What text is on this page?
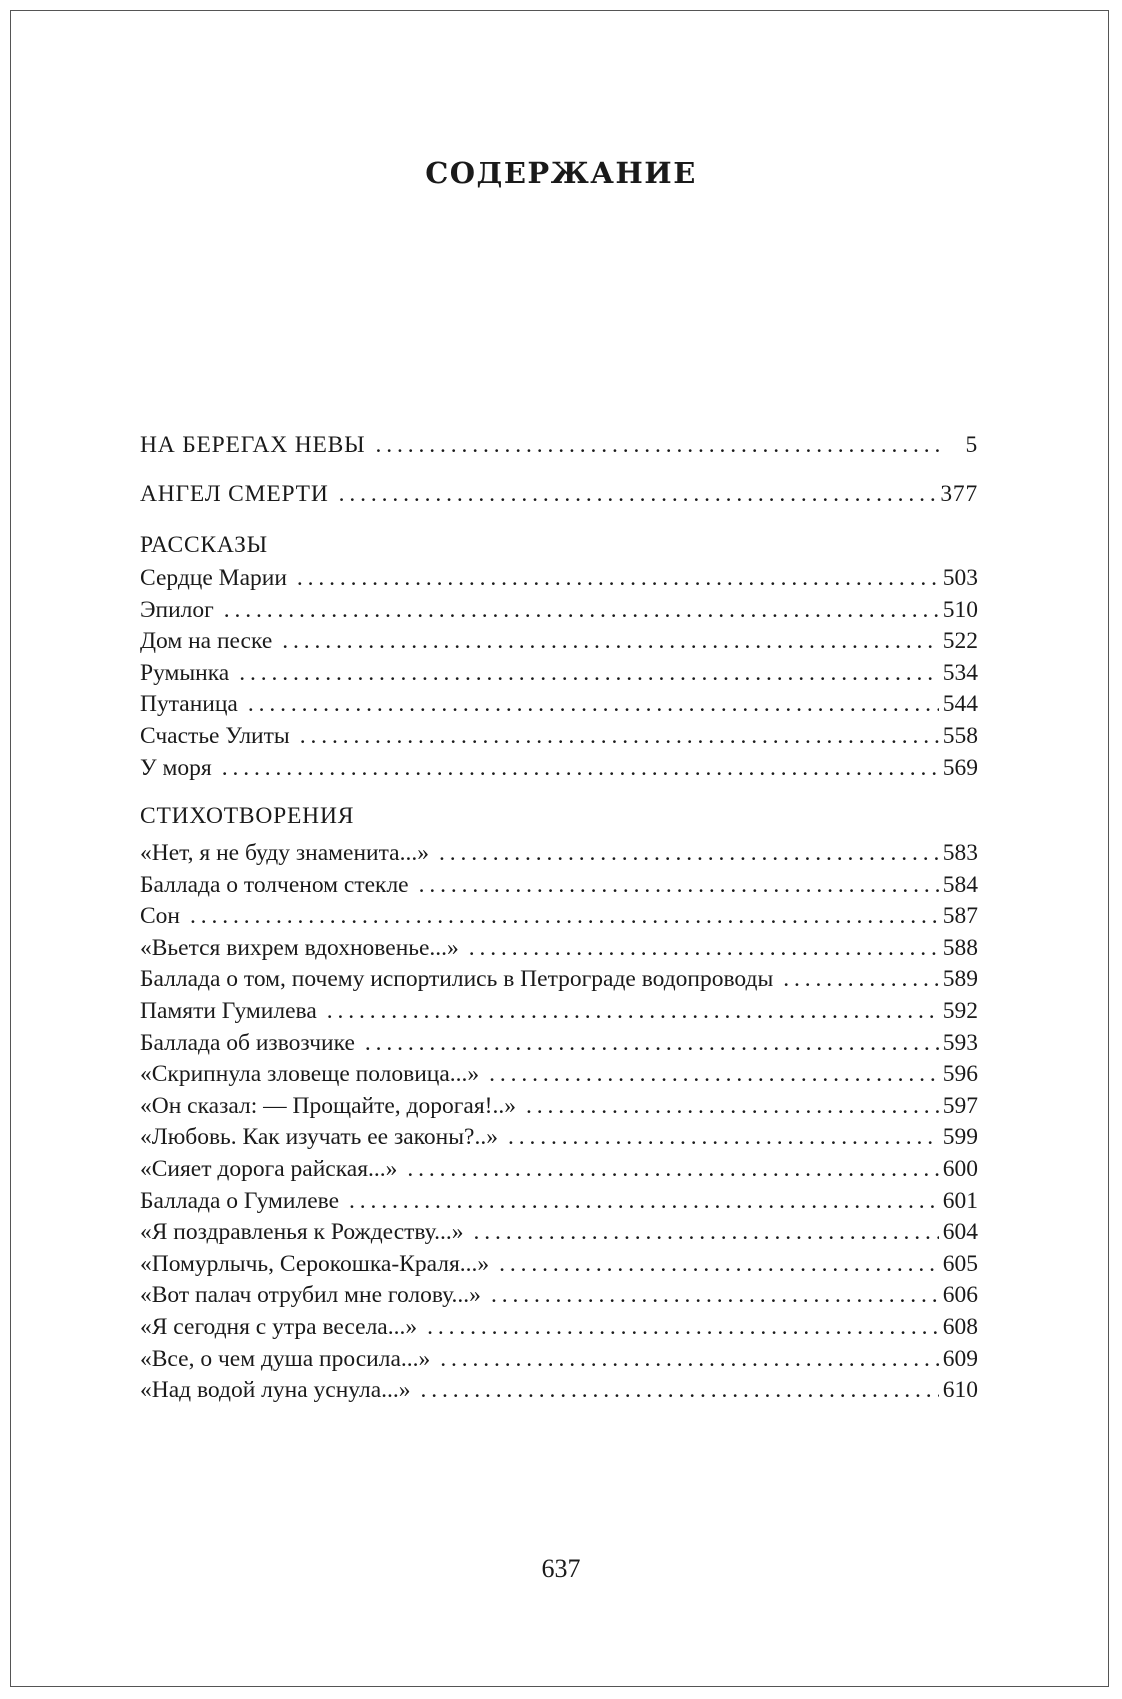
СОДЕРЖАНИЕ
НА БЕРЕГАХ НЕВЫ . . .	5
АНГЕЛ СМЕРТИ . . .	377
РАССКАЗЫ
Сердце Марии . . .	503
Эпилог . . .	510
Дом на песке . . .	522
Румынка . . .	534
Путаница . . .	544
Счастье Улиты . . .	558
У моря . . .	569
СТИХОТВОРЕНИЯ
«Нет, я не буду знаменита...» . . .	583
Баллада о толченом стекле . . .	584
Сон . . .	587
«Вьется вихрем вдохновенье...» . . .	588
Баллада о том, почему испортились в Петрограде водопроводы . . .	589
Памяти Гумилева . . .	592
Баллада об извозчике . . .	593
«Скрипнула зловеще половица...» . . .	596
«Он сказал: — Прощайте, дорогая!..» . . .	597
«Любовь. Как изучать ее законы?..» . . .	599
«Сияет дорога райская...» . . .	600
Баллада о Гумилеве . . .	601
«Я поздравленья к Рождеству...» . . .	604
«Помурлычь, Серокошка-Краля...» . . .	605
«Вот палач отрубил мне голову...» . . .	606
«Я сегодня с утра весела...» . . .	608
«Все, о чем душа просила...» . . .	609
«Над водой луна уснула...» . . .	610
637
